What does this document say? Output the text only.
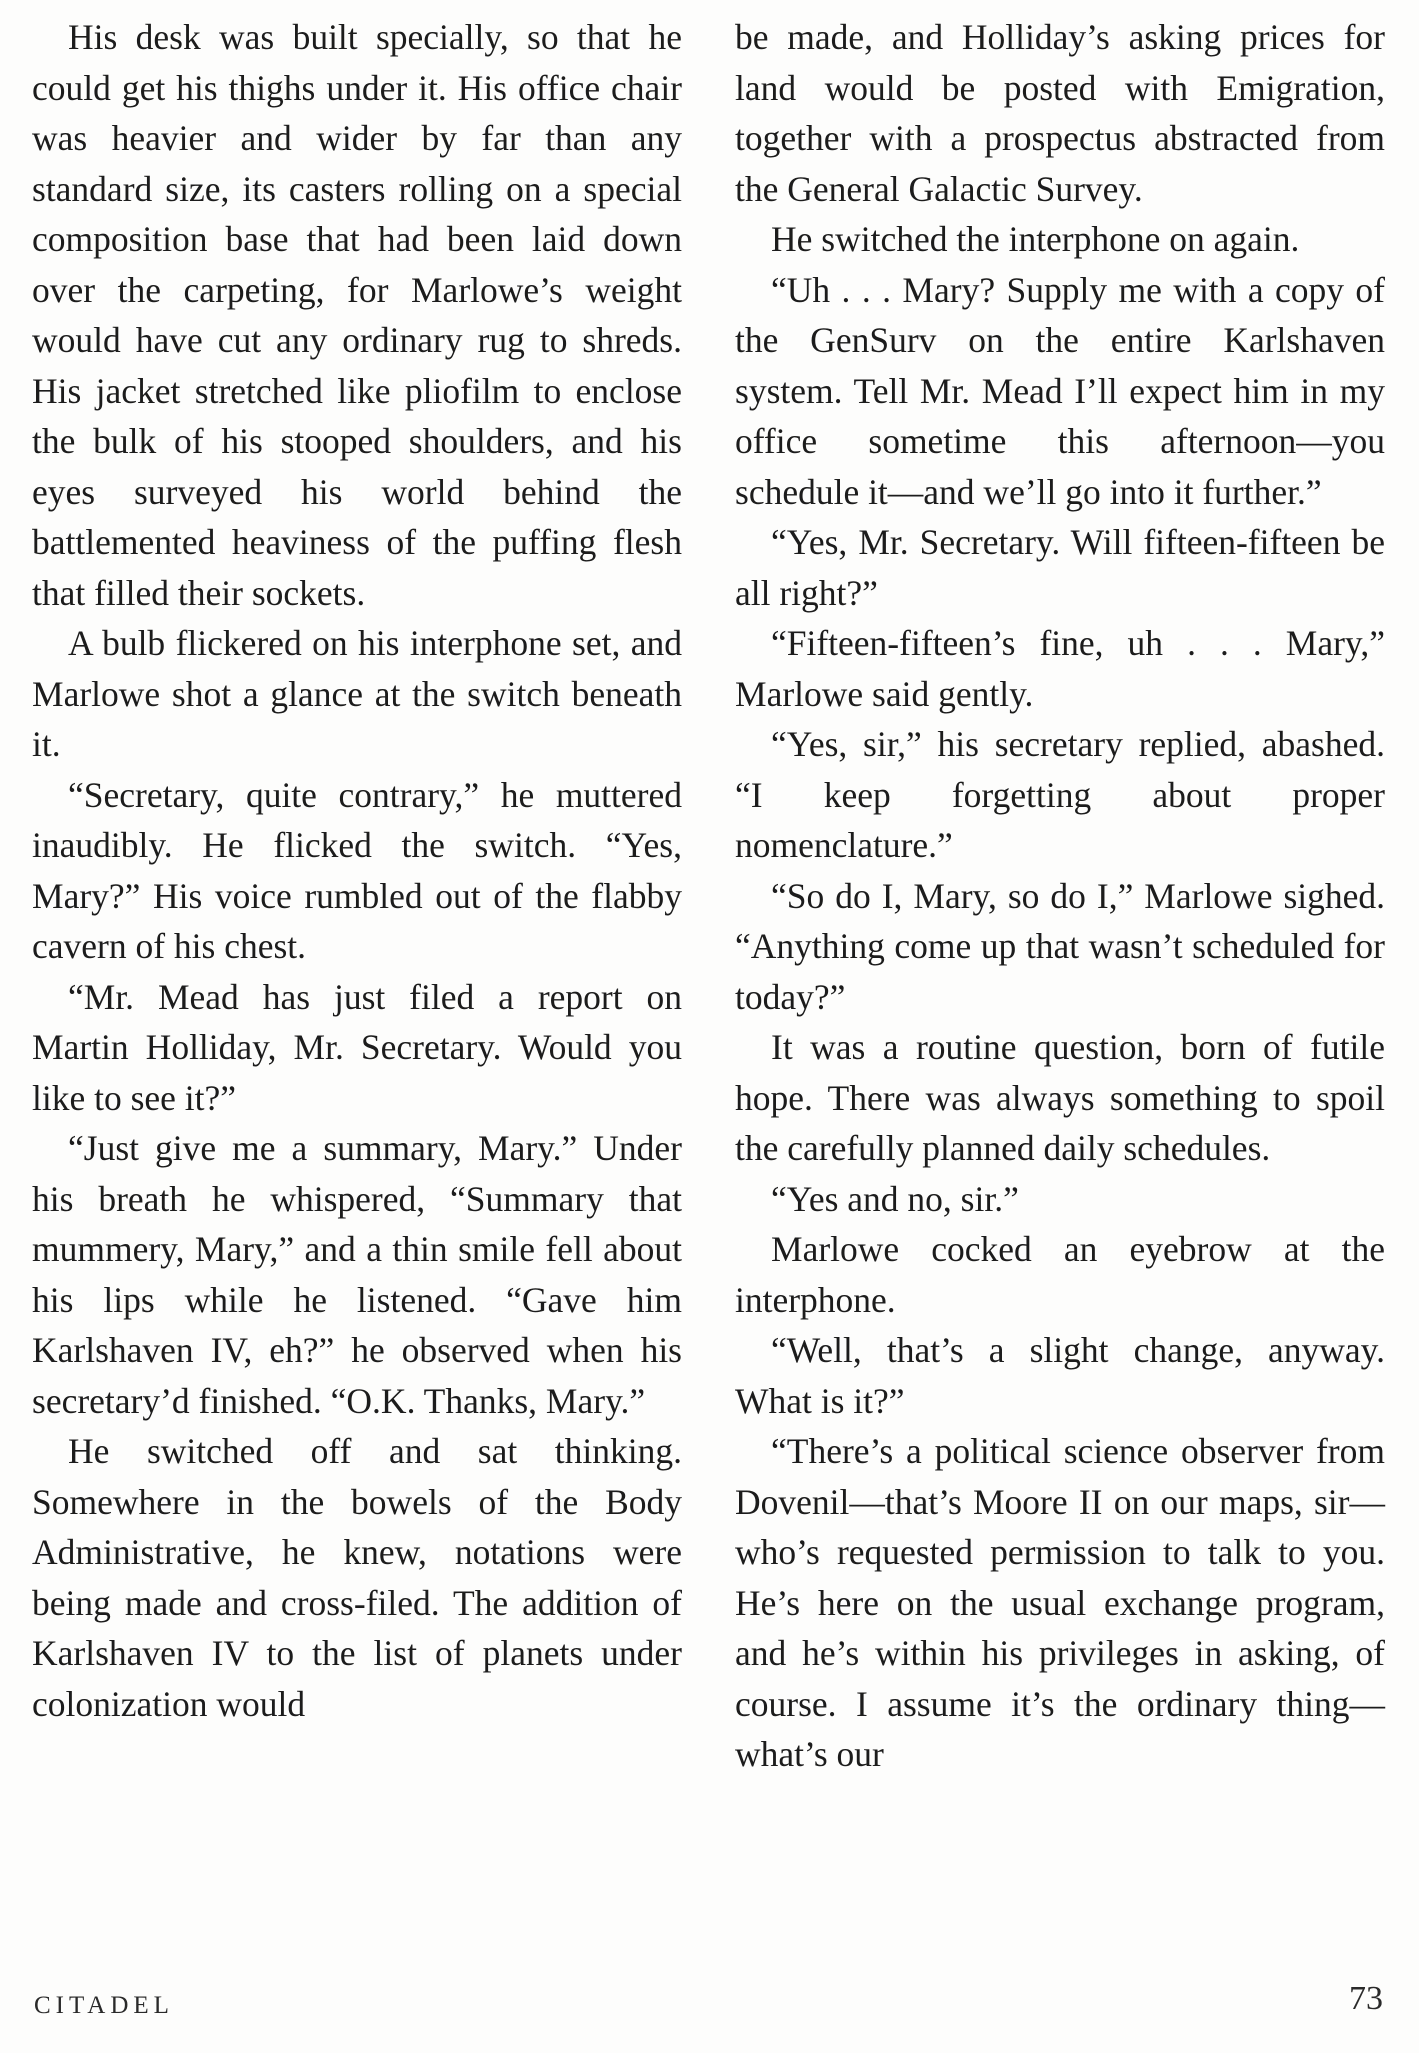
His desk was built specially, so that he could get his thighs under it. His office chair was heavier and wider by far than any standard size, its casters rolling on a special composition base that had been laid down over the carpeting, for Marlowe’s weight would have cut any ordinary rug to shreds. His jacket stretched like pliofilm to enclose the bulk of his stooped shoulders, and his eyes surveyed his world behind the battlemented heaviness of the puffing flesh that filled their sockets.

A bulb flickered on his interphone set, and Marlowe shot a glance at the switch beneath it.

“Secretary, quite contrary,” he muttered inaudibly. He flicked the switch. “Yes, Mary?” His voice rumbled out of the flabby cavern of his chest.

“Mr. Mead has just filed a report on Martin Holliday, Mr. Secretary. Would you like to see it?”

“Just give me a summary, Mary.” Under his breath he whispered, “Summary that mummery, Mary,” and a thin smile fell about his lips while he listened. “Gave him Karlshaven IV, eh?” he observed when his secretary’d finished. “O.K. Thanks, Mary.”

He switched off and sat thinking. Somewhere in the bowels of the Body Administrative, he knew, notations were being made and cross-filed. The addition of Karlshaven IV to the list of planets under colonization would

be made, and Holliday’s asking prices for land would be posted with Emigration, together with a prospectus abstracted from the General Galactic Survey.

He switched the interphone on again.

“Uh . . . Mary? Supply me with a copy of the GenSurv on the entire Karlshaven system. Tell Mr. Mead I’ll expect him in my office sometime this afternoon—you schedule it—and we’ll go into it further.”

“Yes, Mr. Secretary. Will fifteen-fifteen be all right?”

“Fifteen-fifteen’s fine, uh . . . Mary,” Marlowe said gently.

“Yes, sir,” his secretary replied, abashed. “I keep forgetting about proper nomenclature.”

“So do I, Mary, so do I,” Marlowe sighed. “Anything come up that wasn’t scheduled for today?”

It was a routine question, born of futile hope. There was always something to spoil the carefully planned daily schedules.

“Yes and no, sir.”

Marlowe cocked an eyebrow at the interphone.

“Well, that’s a slight change, anyway. What is it?”

“There’s a political science observer from Dovenil—that’s Moore II on our maps, sir—who’s requested permission to talk to you. He’s here on the usual exchange program, and he’s within his privileges in asking, of course. I assume it’s the ordinary thing—what’s our

CITADEL	73
